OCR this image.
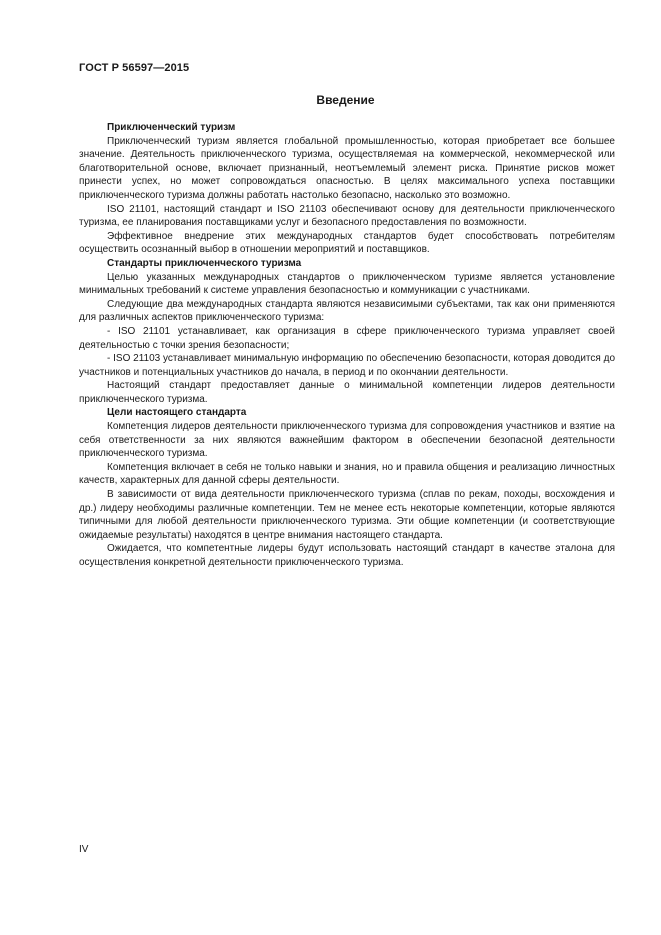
ГОСТ Р 56597—2015
Введение
Приключенческий туризм

Приключенческий туризм является глобальной промышленностью, которая приобретает все большее значение. Деятельность приключенческого туризма, осуществляемая на коммерческой, некоммерческой или благотворительной основе, включает признанный, неотъемлемый элемент риска. Принятие рисков может принести успех, но может сопровождаться опасностью. В целях максимального успеха поставщики приключенческого туризма должны работать настолько безопасно, насколько это возможно.

ISO 21101, настоящий стандарт и ISO 21103 обеспечивают основу для деятельности приключенческого туризма, ее планирования поставщиками услуг и безопасного предоставления по возможности.

Эффективное внедрение этих международных стандартов будет способствовать потребителям осуществить осознанный выбор в отношении мероприятий и поставщиков.

Стандарты приключенческого туризма

Целью указанных международных стандартов о приключенческом туризме является установление минимальных требований к системе управления безопасностью и коммуникации с участниками.

Следующие два международных стандарта являются независимыми субъектами, так как они применяются для различных аспектов приключенческого туризма:

- ISO 21101 устанавливает, как организация в сфере приключенческого туризма управляет своей деятельностью с точки зрения безопасности;

- ISO 21103 устанавливает минимальную информацию по обеспечению безопасности, которая доводится до участников и потенциальных участников до начала, в период и по окончании деятельности.

Настоящий стандарт предоставляет данные о минимальной компетенции лидеров деятельности приключенческого туризма.

Цели настоящего стандарта

Компетенция лидеров деятельности приключенческого туризма для сопровождения участников и взятие на себя ответственности за них являются важнейшим фактором в обеспечении безопасной деятельности приключенческого туризма.

Компетенция включает в себя не только навыки и знания, но и правила общения и реализацию личностных качеств, характерных для данной сферы деятельности.

В зависимости от вида деятельности приключенческого туризма (сплав по рекам, походы, восхождения и др.) лидеру необходимы различные компетенции. Тем не менее есть некоторые компетенции, которые являются типичными для любой деятельности приключенческого туризма. Эти общие компетенции (и соответствующие ожидаемые результаты) находятся в центре внимания настоящего стандарта.

Ожидается, что компетентные лидеры будут использовать настоящий стандарт в качестве эталона для осуществления конкретной деятельности приключенческого туризма.

IV
